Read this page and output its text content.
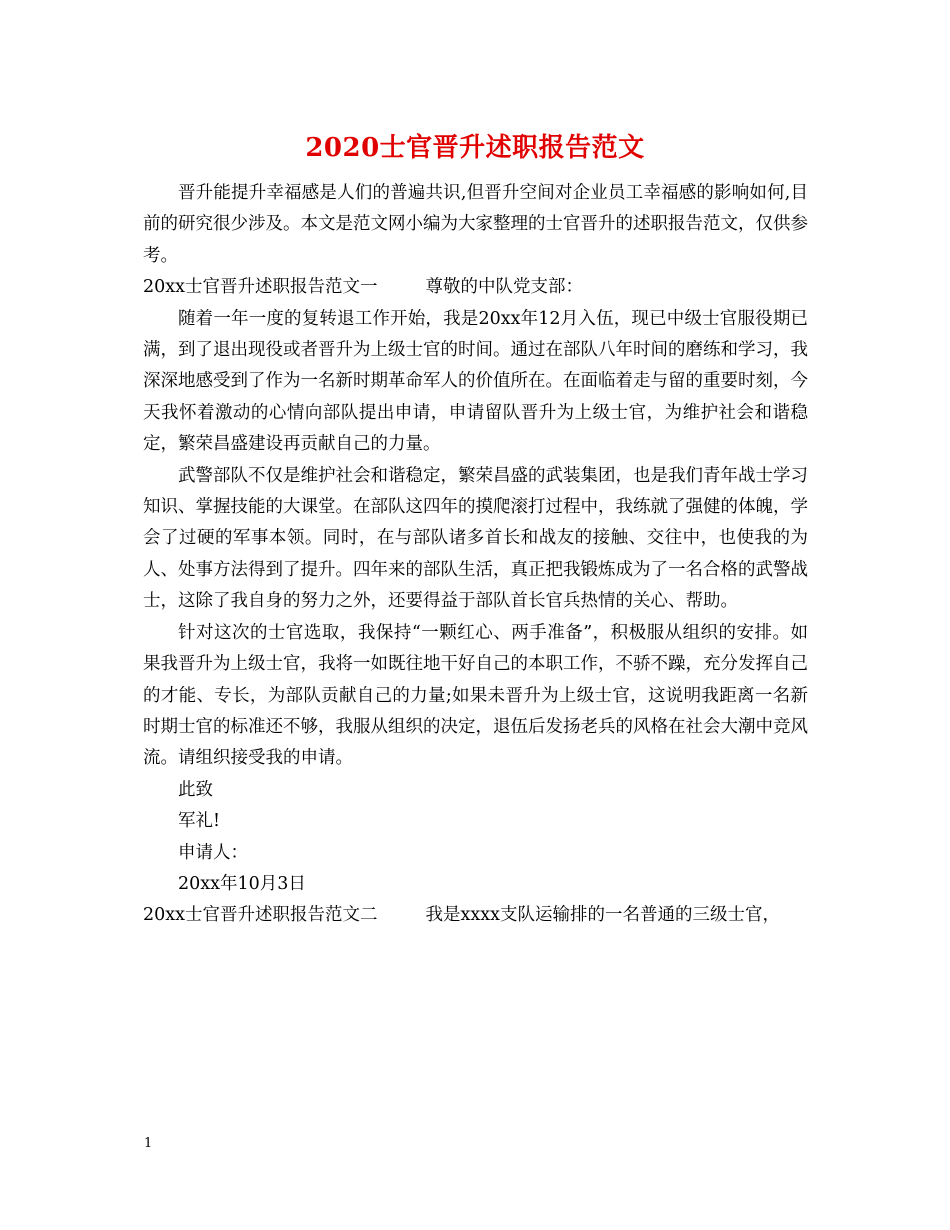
2020士官晋升述职报告范文

晋升能提升幸福感是人们的普遍共识,但晋升空间对企业员工幸福感的影响如何,目前的研究很少涉及。本文是范文网小编为大家整理的士官晋升的述职报告范文，仅供参考。

20xx士官晋升述职报告范文一	尊敬的中队党支部：

随着一年一度的复转退工作开始，我是20xx年12月入伍，现已中级士官服役期已满，到了退出现役或者晋升为上级士官的时间。通过在部队八年时间的磨练和学习，我深深地感受到了作为一名新时期革命军人的价值所在。在面临着走与留的重要时刻，今天我怀着激动的心情向部队提出申请，申请留队晋升为上级士官，为维护社会和谐稳定，繁荣昌盛建设再贡献自己的力量。

武警部队不仅是维护社会和谐稳定，繁荣昌盛的武装集团，也是我们青年战士学习知识、掌握技能的大课堂。在部队这四年的摸爬滚打过程中，我练就了强健的体魄，学会了过硬的军事本领。同时，在与部队诸多首长和战友的接触、交往中，也使我的为人、处事方法得到了提升。四年来的部队生活，真正把我锻炼成为了一名合格的武警战士，这除了我自身的努力之外，还要得益于部队首长官兵热情的关心、帮助。

针对这次的士官选取，我保持“一颗红心、两手准备”，积极服从组织的安排。如果我晋升为上级士官，我将一如既往地干好自己的本职工作，不骄不躁，充分发挥自己的才能、专长，为部队贡献自己的力量;如果未晋升为上级士官，这说明我距离一名新时期士官的标准还不够，我服从组织的决定，退伍后发扬老兵的风格在社会大潮中竞风流。请组织接受我的申请。

此致

军礼!

申请人：

20xx年10月3日

20xx士官晋升述职报告范文二	我是xxxx支队运输排的一名普通的三级士官，

1
